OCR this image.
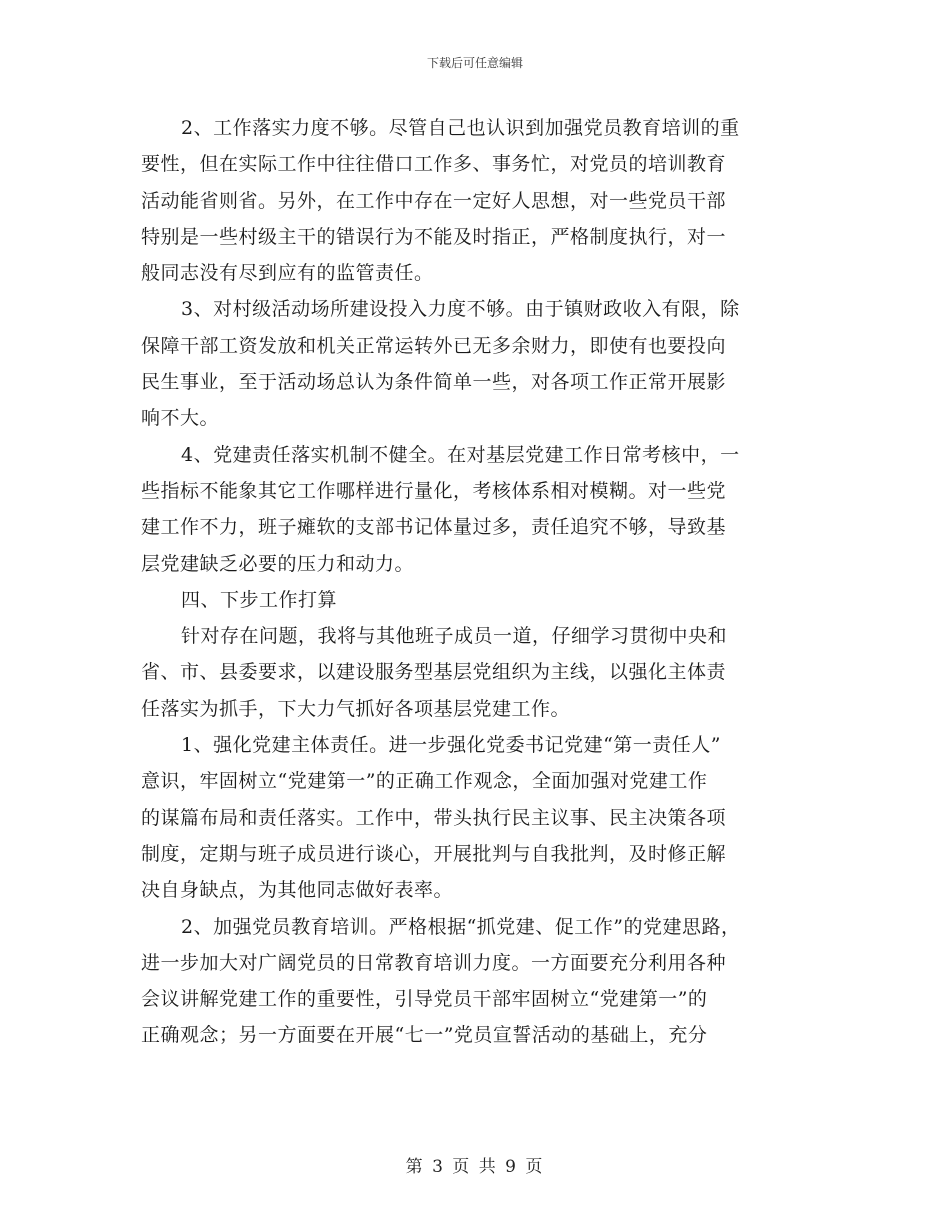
下载后可任意编辑
2、工作落实力度不够。尽管自己也认识到加强党员教育培训的重
要性，但在实际工作中往往借口工作多、事务忙，对党员的培训教育
活动能省则省。另外，在工作中存在一定好人思想，对一些党员干部
特别是一些村级主干的错误行为不能及时指正，严格制度执行，对一
般同志没有尽到应有的监管责任。
3、对村级活动场所建设投入力度不够。由于镇财政收入有限，除
保障干部工资发放和机关正常运转外已无多余财力，即使有也要投向
民生事业，至于活动场总认为条件简单一些，对各项工作正常开展影
响不大。
4、党建责任落实机制不健全。在对基层党建工作日常考核中，一
些指标不能象其它工作哪样进行量化，考核体系相对模糊。对一些党
建工作不力，班子瘫软的支部书记体量过多，责任追究不够，导致基
层党建缺乏必要的压力和动力。
四、下步工作打算
针对存在问题，我将与其他班子成员一道，仔细学习贯彻中央和
省、市、县委要求，以建设服务型基层党组织为主线，以强化主体责
任落实为抓手，下大力气抓好各项基层党建工作。
1、强化党建主体责任。进一步强化党委书记党建“第一责任人”
意识，牢固树立“党建第一”的正确工作观念，全面加强对党建工作
的谋篇布局和责任落实。工作中，带头执行民主议事、民主决策各项
制度，定期与班子成员进行谈心，开展批判与自我批判，及时修正解
决自身缺点，为其他同志做好表率。
2、加强党员教育培训。严格根据“抓党建、促工作”的党建思路，
进一步加大对广阔党员的日常教育培训力度。一方面要充分利用各种
会议讲解党建工作的重要性，引导党员干部牢固树立“党建第一”的
正确观念；另一方面要在开展“七一”党员宣誓活动的基础上，充分
第 3 页 共 9 页
